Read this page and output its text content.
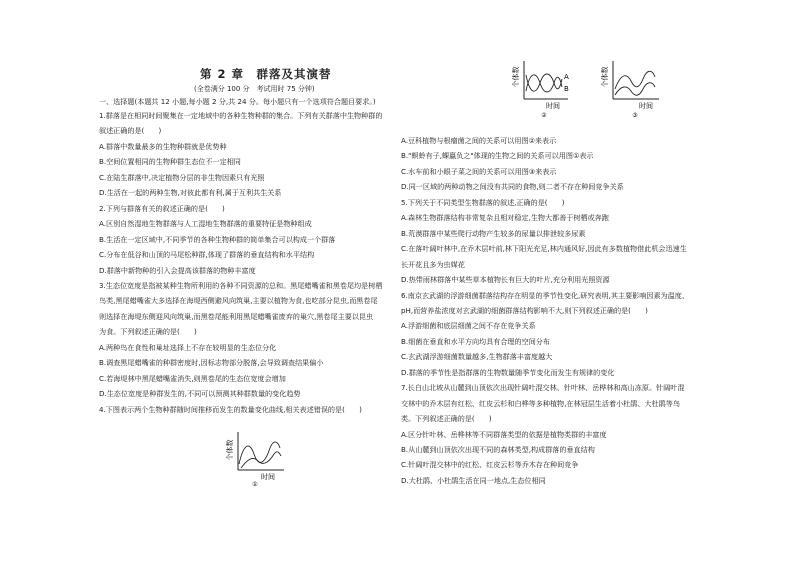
第 2 章　群落及其演替
(全卷满分 100 分　考试用时 75 分钟)
一、选择题(本题共 12 小题,每小题 2 分,共 24 分。每小题只有一个选项符合题目要求。)
1.群落是在相同时间聚集在一定地域中的各种生物种群的集合。下列有关群落中生物种群的
叙述正确的是(　　)
A.群落中数量最多的生物种群就是优势种
B.空间位置相同的生物种群生态位不一定相同
C.在陆生群落中,决定植物分层的非生物因素只有光照
D.生活在一起的两种生物,对彼此都有利,属于互利共生关系
2.下列与群落有关的叙述正确的是(　　)
A.区别自然湿地生物群落与人工湿地生物群落的重要特征是物种组成
B.生活在一定区域中,不同季节的各种生物种群的简单集合可以构成一个群落
C.分布在低谷和山顶的马尾松种群,体现了群落的垂直结构和水平结构
D.群落中新物种的引入会提高该群落的物种丰富度
3.生态位宽度是指被某种生物所利用的各种不同资源的总和。黑尾蜡嘴雀和黑卷尾均是树栖
鸟类,黑尾蜡嘴雀大多选择在海堤西侧避风向筑巢,主要以植物为食,也吃部分昆虫,而黑卷尾
则选择在海堤东侧迎风向筑巢,而黑卷尾能利用黑尾蜡嘴雀废弃的巢穴,黑卷尾主要以昆虫
为食。下列叙述正确的是(　　)
A.两种鸟在食性和巢址选择上不存在较明显的生态位分化
B.调查黑尾蜡嘴雀的种群密度时,因标志物部分脱落,会导致调查结果偏小
C.若海堤林中黑尾蜡嘴雀消失,则黑卷尾的生态位宽度会增加
D.生态位宽度是种群发生的,不同可以预测其种群数量的变化趋势
4.下图表示两个生物种群随时间推移而发生的数量变化曲线,相关表述错误的是(　　)
个体数
时间
①
个体数
时间
A
B
②
个体数
时间
③
A.豆科植物与根瘤菌之间的关系可以用图②来表示
B."螟蛉有子,蜾蠃负之"体现的生物之间的关系可以用图①表示
C.水车前和小眼子菜之间的关系可以用图③来表示
D.同一区域的两种动物之间没有共同的食物,则二者不存在种间竞争关系
5.下列关于不同类型生物群落的叙述,正确的是(　　)
A.森林生物群落结构非常复杂且相对稳定,生物大都善于树栖或奔跑
B.荒漠群落中某些爬行动物产生较多的尿量以排泄较多尿素
C.在落叶阔叶林中,在乔木层叶前,林下阳光充足,林内通风好,因此有多数植物借此机会迅速生
长开花且多为虫媒花
D.热带雨林群落中某些草本植物长有巨大的叶片,充分利用光照资源
6.南京玄武湖的浮游细菌群落结构存在明显的季节性变化,研究表明,其主要影响因素为温度、
pH,而营养盐浓度对玄武湖的细菌群落结构影响不大,则下列叙述正确的是(　　)
A.浮游细菌和底层细菌之间不存在竞争关系
B.细菌在垂直和水平方向均具有合理的空间分布
C.玄武湖浮游细菌数量越多,生物群落丰富度越大
D.群落的季节性是指群落的生物数量随季节变化而发生有规律的变化
7.长白山北坡从山麓到山顶依次出现针阔叶混交林、针叶林、岳桦林和高山冻原。针阔叶混
交林中的乔木层有红松、红皮云杉和白桦等多种植物,在林冠层生活着小杜鹃、大杜鹃等鸟
类。下列叙述正确的是(　　)
A.区分针叶林、岳桦林等不同群落类型的依据是植物类群的丰富度
B.从山麓到山顶依次出现不同的森林类型,构成群落的垂直结构
C.针阔叶混交林中的红松、红皮云杉等乔木存在种间竞争
D.大杜鹃、小杜鹃生活在同一地点,生态位相同
